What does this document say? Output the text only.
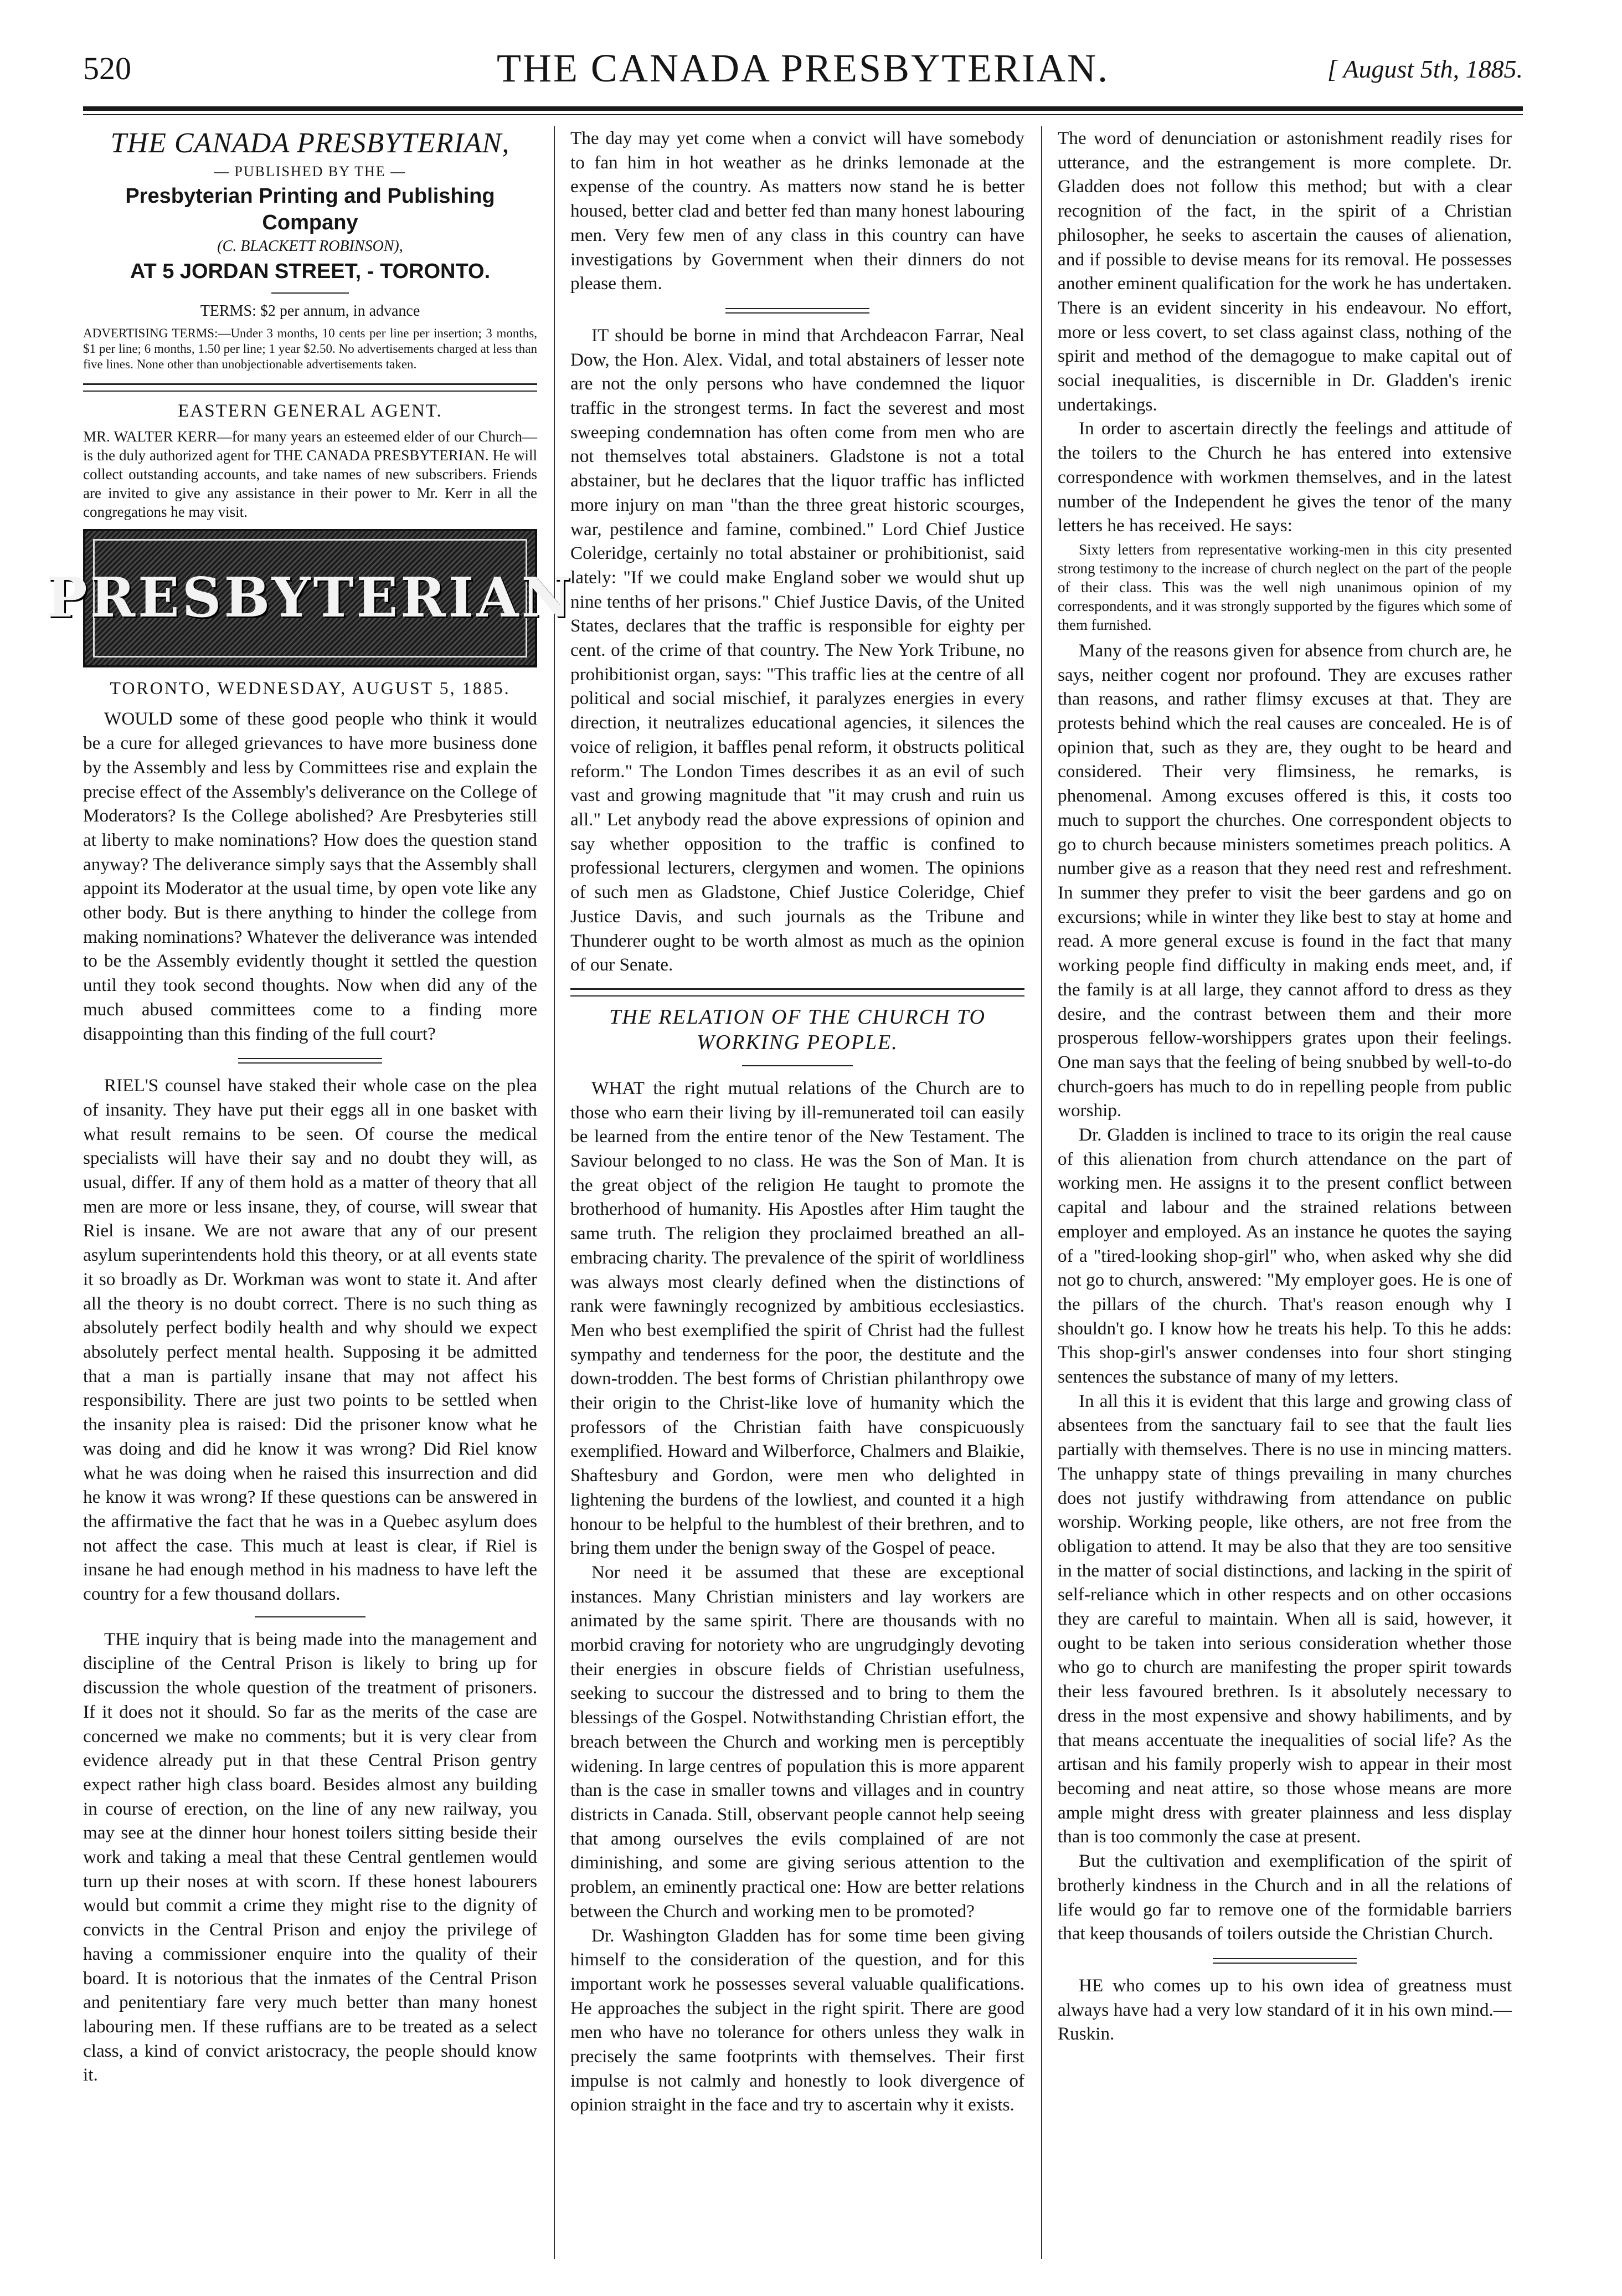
520	THE CANADA PRESBYTERIAN.	[ August 5th, 1885.

THE CANADA PRESBYTERIAN,

— PUBLISHED BY THE —
Presbyterian Printing and Publishing Company
(C. BLACKETT ROBINSON),
AT 5 JORDAN STREET, - TORONTO.
TERMS: $2 per annum, in advance
ADVERTISING TERMS:—Under 3 months, 10 cents per line per insertion; 3 months, $1 per line; 6 months, 1.50 per line; 1 year $2.50. No advertisements charged at less than five lines. None other than unobjectionable advertisements taken.
EASTERN GENERAL AGENT.
MR. WALTER KERR—for many years an esteemed elder of our Church—is the duly authorized agent for THE CANADA PRESBYTERIAN. He will collect outstanding accounts, and take names of new subscribers. Friends are invited to give any assistance in their power to Mr. Kerr in all the congregations he may visit.
PRESBYTERIAN
TORONTO, WEDNESDAY, AUGUST 5, 1885.

WOULD some of these good people who think it would be a cure for alleged grievances to have more business done by the Assembly and less by Committees rise and explain the precise effect of the Assembly's deliverance on the College of Moderators? Is the College abolished? Are Presbyteries still at liberty to make nominations? How does the question stand anyway? The deliverance simply says that the Assembly shall appoint its Moderator at the usual time, by open vote like any other body. But is there anything to hinder the college from making nominations? Whatever the deliverance was intended to be the Assembly evidently thought it settled the question until they took second thoughts. Now when did any of the much abused committees come to a finding more disappointing than this finding of the full court?

RIEL'S counsel have staked their whole case on the plea of insanity. They have put their eggs all in one basket with what result remains to be seen. Of course the medical specialists will have their say and no doubt they will, as usual, differ. If any of them hold as a matter of theory that all men are more or less insane, they, of course, will swear that Riel is insane. We are not aware that any of our present asylum superintendents hold this theory, or at all events state it so broadly as Dr. Workman was wont to state it. And after all the theory is no doubt correct. There is no such thing as absolutely perfect bodily health and why should we expect absolutely perfect mental health. Supposing it be admitted that a man is partially insane that may not affect his responsibility. There are just two points to be settled when the insanity plea is raised: Did the prisoner know what he was doing and did he know it was wrong? Did Riel know what he was doing when he raised this insurrection and did he know it was wrong? If these questions can be answered in the affirmative the fact that he was in a Quebec asylum does not affect the case. This much at least is clear, if Riel is insane he had enough method in his madness to have left the country for a few thousand dollars.

THE inquiry that is being made into the management and discipline of the Central Prison is likely to bring up for discussion the whole question of the treatment of prisoners. If it does not it should. So far as the merits of the case are concerned we make no comments; but it is very clear from evidence already put in that these Central Prison gentry expect rather high class board. Besides almost any building in course of erection, on the line of any new railway, you may see at the dinner hour honest toilers sitting beside their work and taking a meal that these Central gentlemen would turn up their noses at with scorn. If these honest labourers would but commit a crime they might rise to the dignity of convicts in the Central Prison and enjoy the privilege of having a commissioner enquire into the quality of their board. It is notorious that the inmates of the Central Prison and penitentiary fare very much better than many honest labouring men. If these ruffians are to be treated as a select class, a kind of convict aristocracy, the people should know it.

The day may yet come when a convict will have somebody to fan him in hot weather as he drinks lemonade at the expense of the country. As matters now stand he is better housed, better clad and better fed than many honest labouring men. Very few men of any class in this country can have investigations by Government when their dinners do not please them.

IT should be borne in mind that Archdeacon Farrar, Neal Dow, the Hon. Alex. Vidal, and total abstainers of lesser note are not the only persons who have condemned the liquor traffic in the strongest terms. In fact the severest and most sweeping condemnation has often come from men who are not themselves total abstainers. Gladstone is not a total abstainer, but he declares that the liquor traffic has inflicted more injury on man "than the three great historic scourges, war, pestilence and famine, combined." Lord Chief Justice Coleridge, certainly no total abstainer or prohibitionist, said lately: "If we could make England sober we would shut up nine tenths of her prisons." Chief Justice Davis, of the United States, declares that the traffic is responsible for eighty per cent. of the crime of that country. The New York Tribune, no prohibitionist organ, says: "This traffic lies at the centre of all political and social mischief, it paralyzes energies in every direction, it neutralizes educational agencies, it silences the voice of religion, it baffles penal reform, it obstructs political reform." The London Times describes it as an evil of such vast and growing magnitude that "it may crush and ruin us all." Let anybody read the above expressions of opinion and say whether opposition to the traffic is confined to professional lecturers, clergymen and women. The opinions of such men as Gladstone, Chief Justice Coleridge, Chief Justice Davis, and such journals as the Tribune and Thunderer ought to be worth almost as much as the opinion of our Senate.

THE RELATION OF THE CHURCH TO WORKING PEOPLE.

WHAT the right mutual relations of the Church are to those who earn their living by ill-remunerated toil can easily be learned from the entire tenor of the New Testament. The Saviour belonged to no class. He was the Son of Man. It is the great object of the religion He taught to promote the brotherhood of humanity. His Apostles after Him taught the same truth. The religion they proclaimed breathed an all-embracing charity. The prevalence of the spirit of worldliness was always most clearly defined when the distinctions of rank were fawningly recognized by ambitious ecclesiastics. Men who best exemplified the spirit of Christ had the fullest sympathy and tenderness for the poor, the destitute and the down-trodden. The best forms of Christian philanthropy owe their origin to the Christ-like love of humanity which the professors of the Christian faith have conspicuously exemplified. Howard and Wilberforce, Chalmers and Blaikie, Shaftesbury and Gordon, were men who delighted in lightening the burdens of the lowliest, and counted it a high honour to be helpful to the humblest of their brethren, and to bring them under the benign sway of the Gospel of peace.

Nor need it be assumed that these are exceptional instances. Many Christian ministers and lay workers are animated by the same spirit. There are thousands with no morbid craving for notoriety who are ungrudgingly devoting their energies in obscure fields of Christian usefulness, seeking to succour the distressed and to bring to them the blessings of the Gospel. Notwithstanding Christian effort, the breach between the Church and working men is perceptibly widening. In large centres of population this is more apparent than is the case in smaller towns and villages and in country districts in Canada. Still, observant people cannot help seeing that among ourselves the evils complained of are not diminishing, and some are giving serious attention to the problem, an eminently practical one: How are better relations between the Church and working men to be promoted?

Dr. Washington Gladden has for some time been giving himself to the consideration of the question, and for this important work he possesses several valuable qualifications. He approaches the subject in the right spirit. There are good men who have no tolerance for others unless they walk in precisely the same footprints with themselves. Their first impulse is not calmly and honestly to look divergence of opinion straight in the face and try to ascertain why it exists.

The word of denunciation or astonishment readily rises for utterance, and the estrangement is more complete. Dr. Gladden does not follow this method; but with a clear recognition of the fact, in the spirit of a Christian philosopher, he seeks to ascertain the causes of alienation, and if possible to devise means for its removal. He possesses another eminent qualification for the work he has undertaken. There is an evident sincerity in his endeavour. No effort, more or less covert, to set class against class, nothing of the spirit and method of the demagogue to make capital out of social inequalities, is discernible in Dr. Gladden's irenic undertakings.

In order to ascertain directly the feelings and attitude of the toilers to the Church he has entered into extensive correspondence with workmen themselves, and in the latest number of the Independent he gives the tenor of the many letters he has received. He says:

Sixty letters from representative working-men in this city presented strong testimony to the increase of church neglect on the part of the people of their class. This was the well nigh unanimous opinion of my correspondents, and it was strongly supported by the figures which some of them furnished.

Many of the reasons given for absence from church are, he says, neither cogent nor profound. They are excuses rather than reasons, and rather flimsy excuses at that. They are protests behind which the real causes are concealed. He is of opinion that, such as they are, they ought to be heard and considered. Their very flimsiness, he remarks, is phenomenal. Among excuses offered is this, it costs too much to support the churches. One correspondent objects to go to church because ministers sometimes preach politics. A number give as a reason that they need rest and refreshment. In summer they prefer to visit the beer gardens and go on excursions; while in winter they like best to stay at home and read. A more general excuse is found in the fact that many working people find difficulty in making ends meet, and, if the family is at all large, they cannot afford to dress as they desire, and the contrast between them and their more prosperous fellow-worshippers grates upon their feelings. One man says that the feeling of being snubbed by well-to-do church-goers has much to do in repelling people from public worship.

Dr. Gladden is inclined to trace to its origin the real cause of this alienation from church attendance on the part of working men. He assigns it to the present conflict between capital and labour and the strained relations between employer and employed. As an instance he quotes the saying of a "tired-looking shop-girl" who, when asked why she did not go to church, answered: "My employer goes. He is one of the pillars of the church. That's reason enough why I shouldn't go. I know how he treats his help. To this he adds: This shop-girl's answer condenses into four short stinging sentences the substance of many of my letters.

In all this it is evident that this large and growing class of absentees from the sanctuary fail to see that the fault lies partially with themselves. There is no use in mincing matters. The unhappy state of things prevailing in many churches does not justify withdrawing from attendance on public worship. Working people, like others, are not free from the obligation to attend. It may be also that they are too sensitive in the matter of social distinctions, and lacking in the spirit of self-reliance which in other respects and on other occasions they are careful to maintain. When all is said, however, it ought to be taken into serious consideration whether those who go to church are manifesting the proper spirit towards their less favoured brethren. Is it absolutely necessary to dress in the most expensive and showy habiliments, and by that means accentuate the inequalities of social life? As the artisan and his family properly wish to appear in their most becoming and neat attire, so those whose means are more ample might dress with greater plainness and less display than is too commonly the case at present.

But the cultivation and exemplification of the spirit of brotherly kindness in the Church and in all the relations of life would go far to remove one of the formidable barriers that keep thousands of toilers outside the Christian Church.

HE who comes up to his own idea of greatness must always have had a very low standard of it in his own mind.—Ruskin.
